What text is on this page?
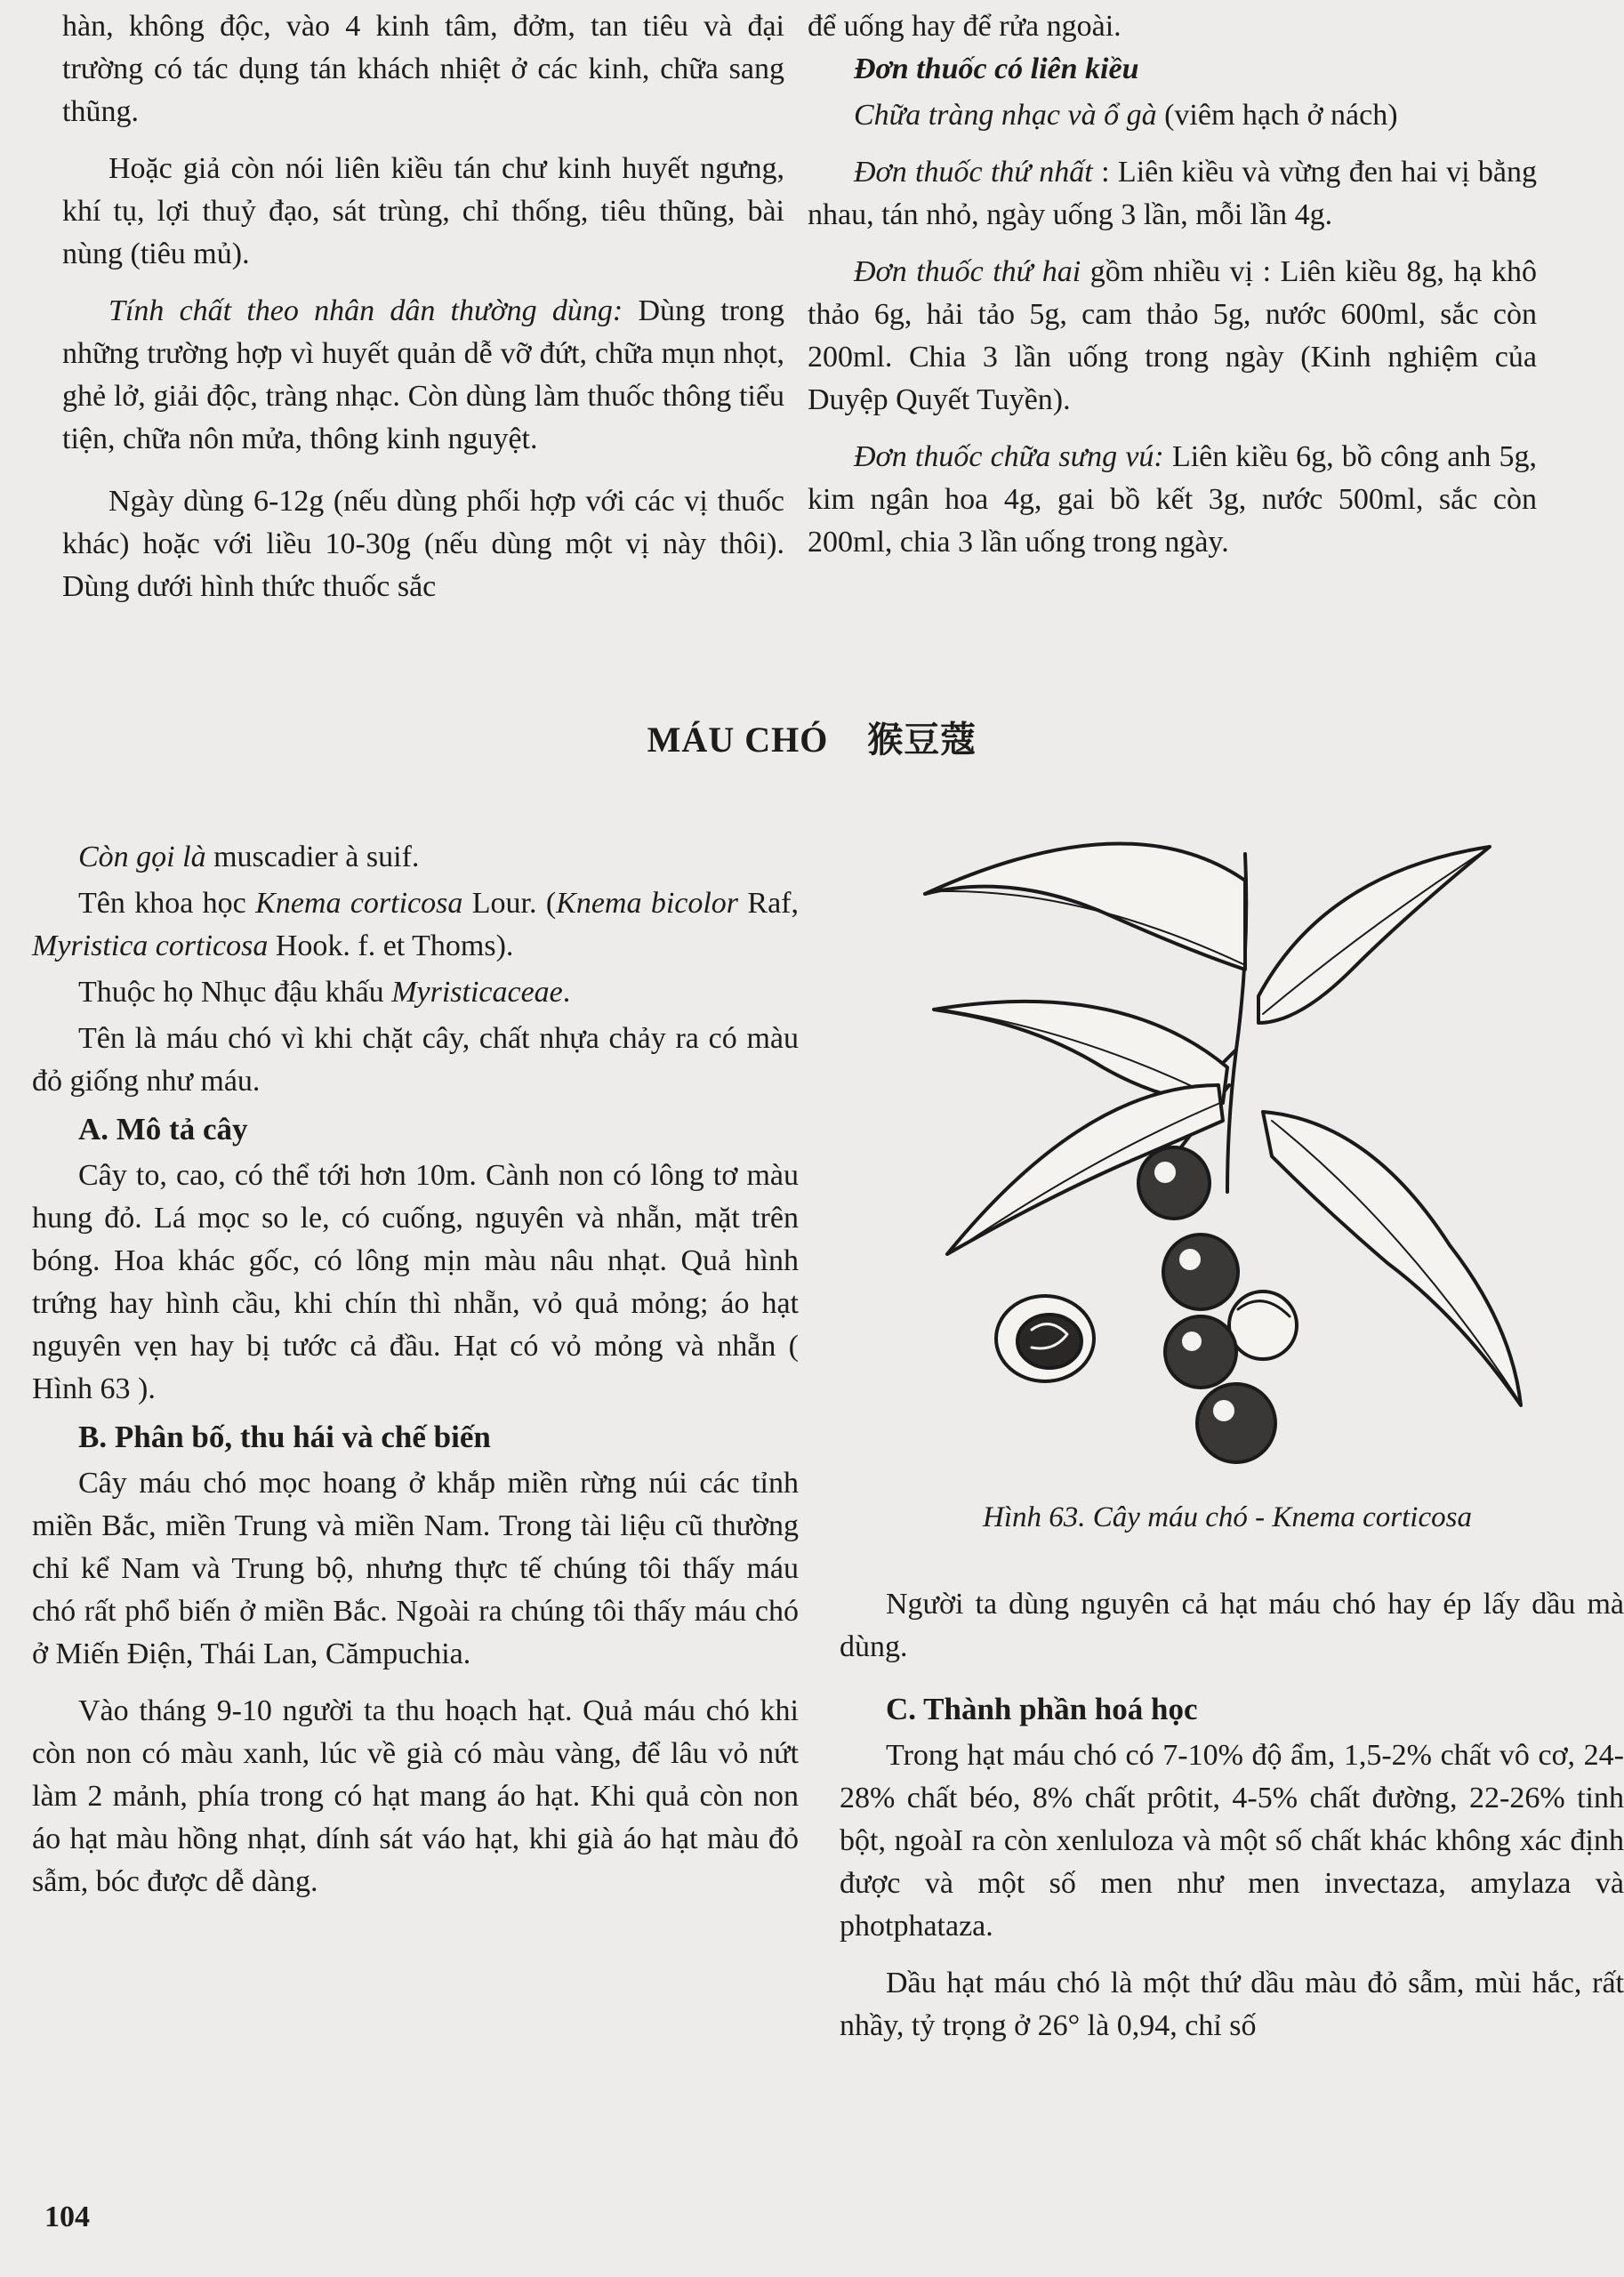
hàn, không độc, vào 4 kinh tâm, đởm, tan tiêu và đại trường có tác dụng tán khách nhiệt ở các kinh, chữa sang thũng.

Hoặc giả còn nói liên kiều tán chư kinh huyết ngưng, khí tụ, lợi thuỷ đạo, sát trùng, chỉ thống, tiêu thũng, bài nùng (tiêu mủ).

Tính chất theo nhân dân thường dùng: Dùng trong những trường hợp vì huyết quản dễ vỡ đứt, chữa mụn nhọt, ghẻ lở, giải độc, tràng nhạc. Còn dùng làm thuốc thông tiểu tiện, chữa nôn mửa, thông kinh nguyệt.

Ngày dùng 6-12g (nếu dùng phối hợp với các vị thuốc khác) hoặc với liều 10-30g (nếu dùng một vị này thôi). Dùng dưới hình thức thuốc sắc

để uống hay để rửa ngoài.

Đơn thuốc có liên kiều

Chữa tràng nhạc và ổ gà (viêm hạch ở nách)

Đơn thuốc thứ nhất : Liên kiều và vừng đen hai vị bằng nhau, tán nhỏ, ngày uống 3 lần, mỗi lần 4g.

Đơn thuốc thứ hai gồm nhiều vị : Liên kiều 8g, hạ khô thảo 6g, hải tảo 5g, cam thảo 5g, nước 600ml, sắc còn 200ml. Chia 3 lần uống trong ngày (Kinh nghiệm của Duyệp Quyết Tuyền).

Đơn thuốc chữa sưng vú: Liên kiều 6g, bồ công anh 5g, kim ngân hoa 4g, gai bồ kết 3g, nước 500ml, sắc còn 200ml, chia 3 lần uống trong ngày.

MÁU CHÓ 猴豆蔻

Còn gọi là muscadier à suif.

Tên khoa học Knema corticosa Lour. (Knema bicolor Raf, Myristica corticosa Hook. f. et Thoms).

Thuộc họ Nhục đậu khấu Myristicaceae.

Tên là máu chó vì khi chặt cây, chất nhựa chảy ra có màu đỏ giống như máu.

A. Mô tả cây

Cây to, cao, có thể tới hơn 10m. Cành non có lông tơ màu hung đỏ. Lá mọc so le, có cuống, nguyên và nhẵn, mặt trên bóng. Hoa khác gốc, có lông mịn màu nâu nhạt. Quả hình trứng hay hình cầu, khi chín thì nhẵn, vỏ quả mỏng; áo hạt nguyên vẹn hay bị tước cả đầu. Hạt có vỏ mỏng và nhẵn ( Hình 63 ).

B. Phân bố, thu hái và chế biến

Cây máu chó mọc hoang ở khắp miền rừng núi các tỉnh miền Bắc, miền Trung và miền Nam. Trong tài liệu cũ thường chỉ kể Nam và Trung bộ, nhưng thực tế chúng tôi thấy máu chó rất phổ biến ở miền Bắc. Ngoài ra chúng tôi thấy máu chó ở Miến Điện, Thái Lan, Cămpuchia.

Vào tháng 9-10 người ta thu hoạch hạt. Quả máu chó khi còn non có màu xanh, lúc về già có màu vàng, để lâu vỏ nứt làm 2 mảnh, phía trong có hạt mang áo hạt. Khi quả còn non áo hạt màu hồng nhạt, dính sát váo hạt, khi già áo hạt màu đỏ sẫm, bóc được dễ dàng.

Hình 63. Cây máu chó - Knema corticosa

Người ta dùng nguyên cả hạt máu chó hay ép lấy dầu mà dùng.

C. Thành phần hoá học

Trong hạt máu chó có 7-10% độ ẩm, 1,5-2% chất vô cơ, 24-28% chất béo, 8% chất prôtit, 4-5% chất đường, 22-26% tinh bột, ngoàI ra còn xenluloza và một số chất khác không xác định được và một số men như men invectaza, amylaza và photphataza.

Dầu hạt máu chó là một thứ dầu màu đỏ sẫm, mùi hắc, rất nhầy, tỷ trọng ở 26° là 0,94, chỉ số

104
